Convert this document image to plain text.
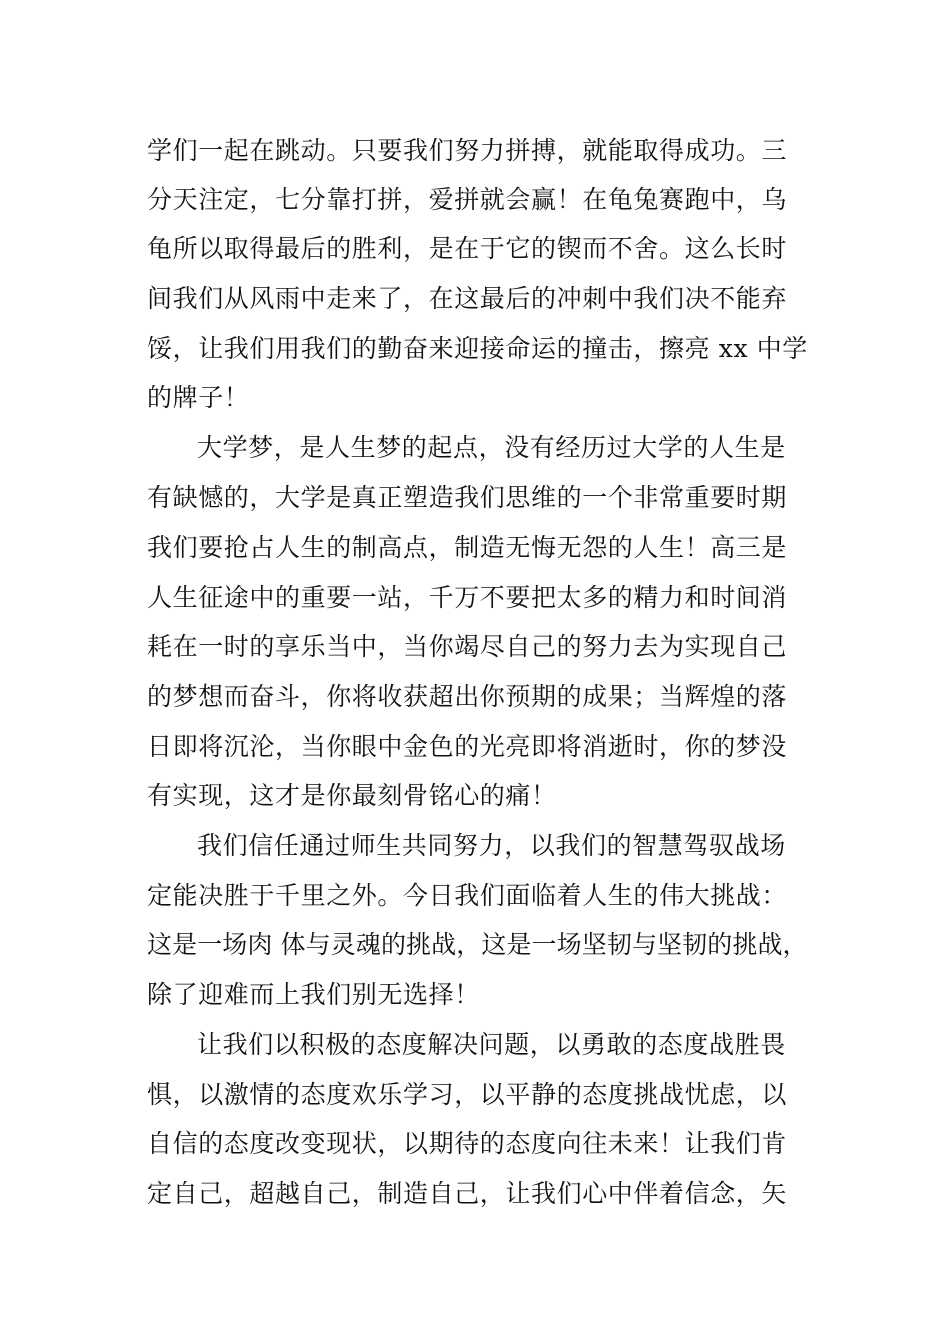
学们一起在跳动。只要我们努力拼搏，就能取得成功。三
分天注定，七分靠打拼，爱拼就会赢！在龟兔赛跑中，乌
龟所以取得最后的胜利，是在于它的锲而不舍。这么长时
间我们从风雨中走来了，在这最后的冲刺中我们决不能弃
馁，让我们用我们的勤奋来迎接命运的撞击，擦亮 xx 中学
的牌子！
大学梦，是人生梦的起点，没有经历过大学的人生是
有缺憾的，大学是真正塑造我们思维的一个非常重要时期
我们要抢占人生的制高点，制造无悔无怨的人生！高三是
人生征途中的重要一站，千万不要把太多的精力和时间消
耗在一时的享乐当中，当你竭尽自己的努力去为实现自己
的梦想而奋斗，你将收获超出你预期的成果；当辉煌的落
日即将沉沦，当你眼中金色的光亮即将消逝时，你的梦没
有实现，这才是你最刻骨铭心的痛！
我们信任通过师生共同努力，以我们的智慧驾驭战场
定能决胜于千里之外。今日我们面临着人生的伟大挑战：
这是一场肉 体与灵魂的挑战，这是一场坚韧与坚韧的挑战，
除了迎难而上我们别无选择！
让我们以积极的态度解决问题，以勇敢的态度战胜畏
惧，以激情的态度欢乐学习，以平静的态度挑战忧虑，以
自信的态度改变现状，以期待的态度向往未来！让我们肯
定自己，超越自己，制造自己，让我们心中伴着信念，矢
